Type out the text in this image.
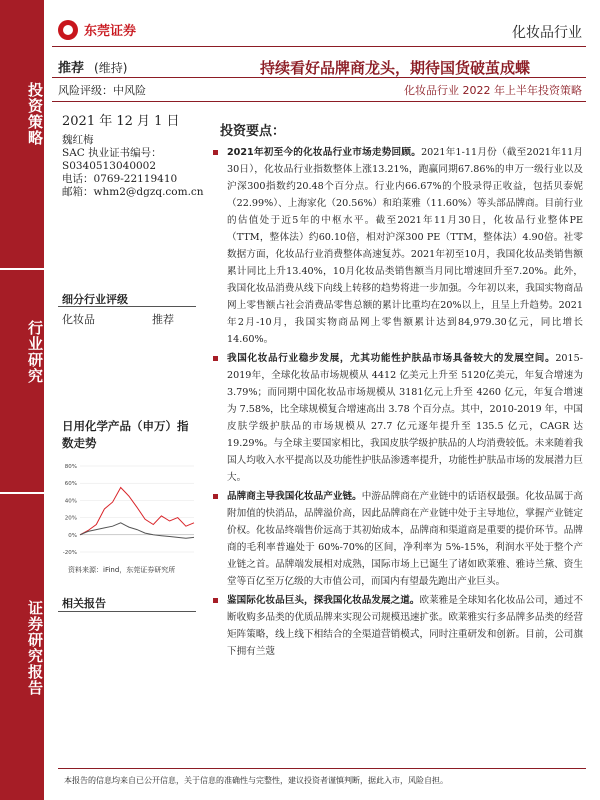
投资策略
行业研究
证券研究报告
东莞证券	化妆品行业
推荐 (维持)	持续看好品牌商龙头，期待国货破茧成蝶
风险评级：中风险	化妆品行业 2022 年上半年投资策略
2021 年 12 月 1 日
魏红梅
SAC 执业证书编号：
S0340513040002
电话：0769-22119410
邮箱：whm2@dgzq.com.cn
细分行业评级
化妆品	推荐
日用化学产品（申万）指数走势
80%
60%
40%
20%
0%
-20%
资料来源：iFind，东莞证券研究所
相关报告
投资要点：
2021年初至今的化妆品行业市场走势回顾。2021年1-11月份（截至2021年11月30日），化妆品行业指数整体上涨13.21%，跑赢同期67.86%的申万一级行业以及沪深300指数约20.48个百分点。行业内66.67%的个股录得正收益，包括贝泰妮（22.99%）、上海家化（20.56%）和珀莱雅（11.60%）等头部品牌商。目前行业的估值处于近5年的中枢水平。截至2021年11月30日，化妆品行业整体PE（TTM，整体法）约60.10倍，相对沪深300 PE（TTM，整体法）4.90倍。社零数据方面，化妆品行业消费整体高速复苏。2021年初至10月，我国化妆品类销售额累计同比上升13.40%，10月化妆品类销售额当月同比增速回升至7.20%。此外，我国化妆品消费从线下向线上转移的趋势将进一步加强。今年初以来，我国实物商品网上零售额占社会消费品零售总额的累计比重均在20%以上，且呈上升趋势。2021年2月-10月，我国实物商品网上零售额累计达到84,979.30亿元，同比增长14.60%。
我国化妆品行业稳步发展，尤其功能性护肤品市场具备较大的发展空间。2015-2019年，全球化妆品市场规模从 4412 亿美元上升至 5120亿美元，年复合增速为 3.79%；而同期中国化妆品市场规模从 3181亿元上升至 4260 亿元，年复合增速为 7.58%，比全球规模复合增速高出 3.78 个百分点。其中，2010-2019 年，中国皮肤学级护肤品的市场规模从 27.7 亿元逐年提升至 135.5 亿元，CAGR 达 19.29%。与全球主要国家相比，我国皮肤学级护肤品的人均消费较低。未来随着我国人均收入水平提高以及功能性护肤品渗透率提升，功能性护肤品市场的发展潜力巨大。
品牌商主导我国化妆品产业链。中游品牌商在产业链中的话语权最强。化妆品属于高附加值的快消品，品牌溢价高，因此品牌商在产业链中处于主导地位，掌握产业链定价权。化妆品终端售价远高于其初始成本，品牌商和渠道商是重要的提价环节。品牌商的毛利率普遍处于 60%-70%的区间，净利率为 5%-15%，利润水平处于整个产业链之首。品牌端发展相对成熟，国际市场上已诞生了诸如欧莱雅、雅诗兰黛、资生堂等百亿至万亿级的大市值公司，而国内有望最先跑出产业巨头。
鉴国际化妆品巨头，探我国化妆品发展之道。欧莱雅是全球知名化妆品公司，通过不断收购多品类的优质品牌来实现公司规模迅速扩张。欧莱雅实行多品牌多品类的经营矩阵策略，线上线下相结合的全渠道营销模式，同时注重研发和创新。目前，公司旗下拥有兰蔻
本报告的信息均来自已公开信息，关于信息的准确性与完整性，建议投资者谨慎判断，据此入市，风险自担。
